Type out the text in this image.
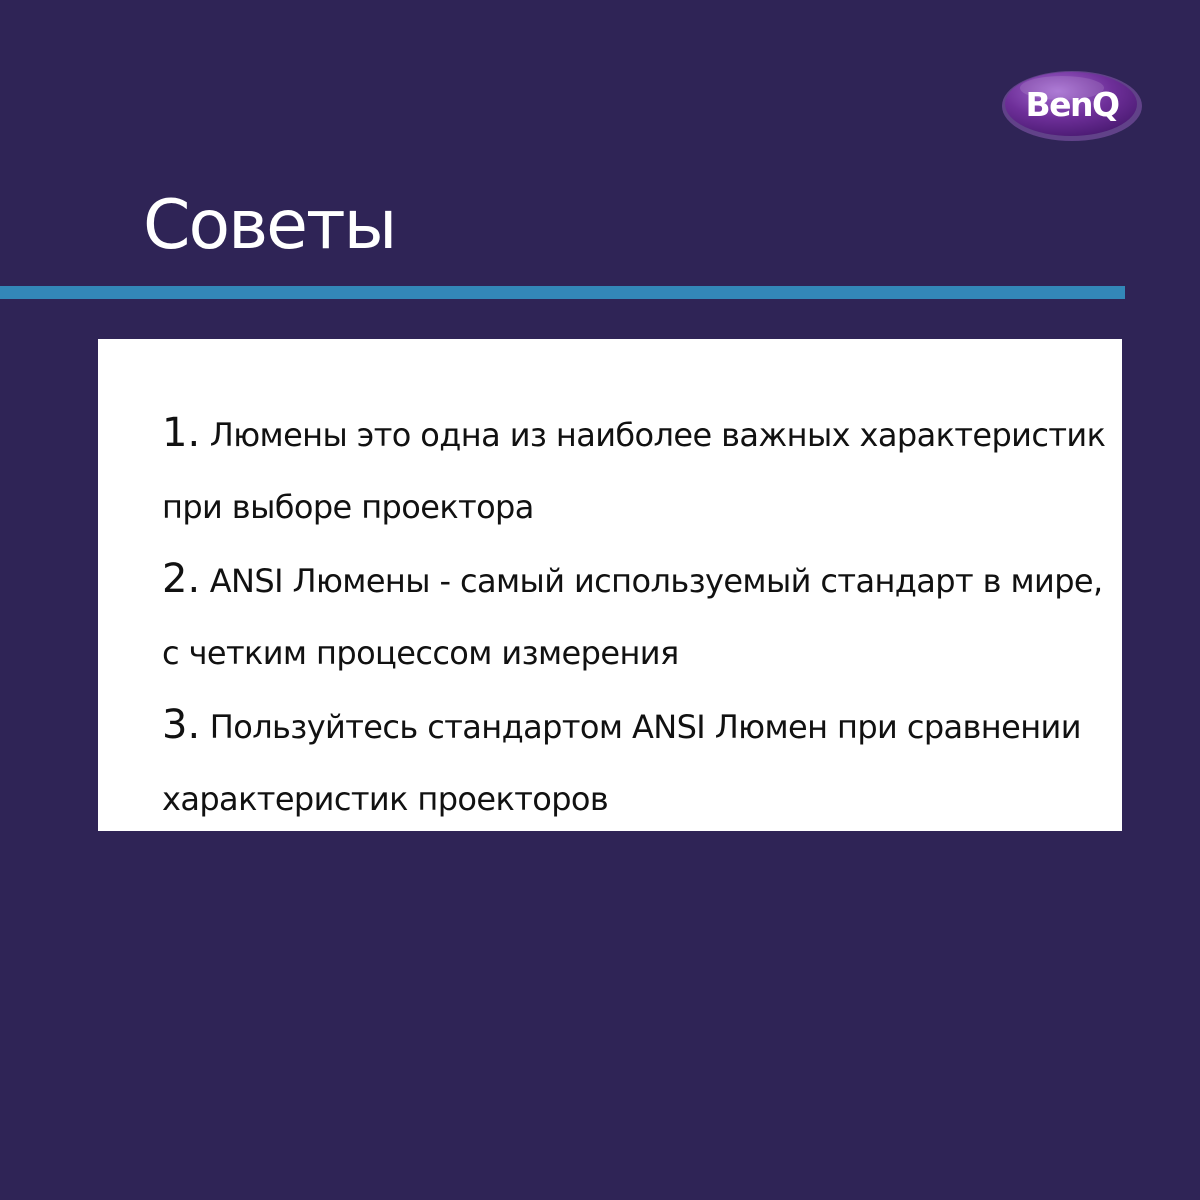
BenQ
Советы
1. Люмены это одна из наиболее важных характеристик
при выборе проектора
2. ANSI Люмены - самый используемый стандарт в мире,
с четким процессом измерения
3. Пользуйтесь стандартом ANSI Люмен при сравнении
характеристик проекторов
